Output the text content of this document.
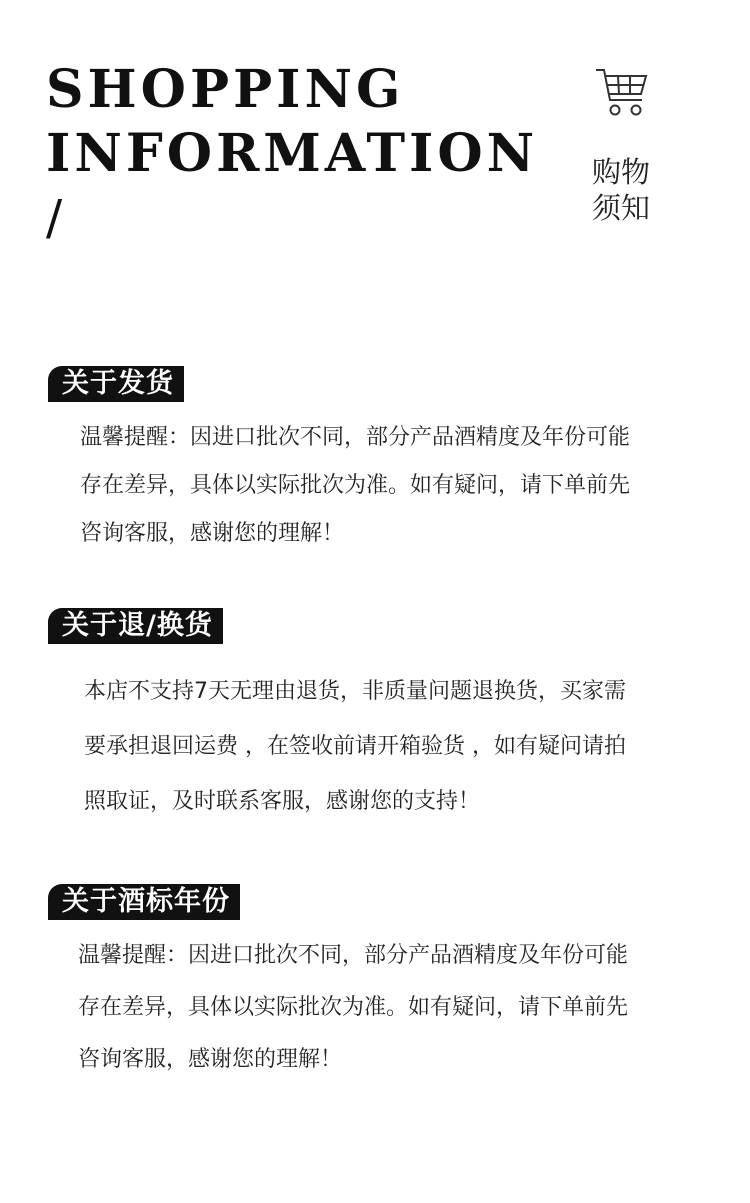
SHOPPING
INFORMATION
/
购物
须知
关于发货
温馨提醒：因进口批次不同，部分产品酒精度及年份可能
存在差异，具体以实际批次为准。如有疑问，请下单前先
咨询客服，感谢您的理解！
关于退/换货
本店不支持7天无理由退货，非质量问题退换货，买家需
要承担退回运费 ，在签收前请开箱验货 ，如有疑问请拍
照取证，及时联系客服，感谢您的支持！
关于酒标年份
温馨提醒：因进口批次不同，部分产品酒精度及年份可能
存在差异，具体以实际批次为准。如有疑问，请下单前先
咨询客服，感谢您的理解！
